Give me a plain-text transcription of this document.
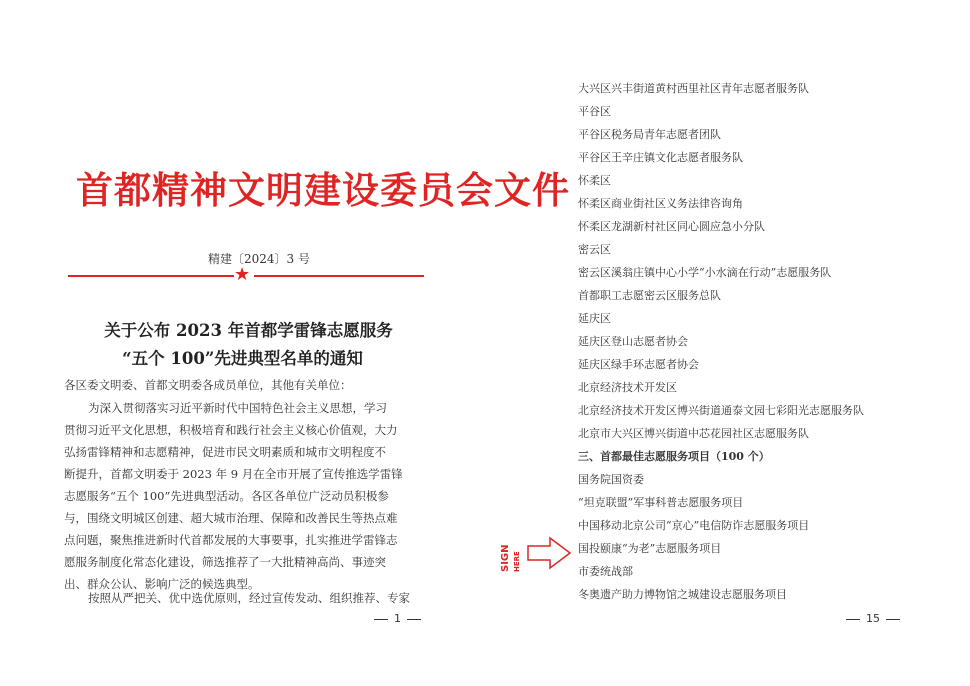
首都精神文明建设委员会文件
精建〔2024〕3 号
★
关于公布 2023 年首都学雷锋志愿服务
“五个 100”先进典型名单的通知
各区委文明委、首都文明委各成员单位，其他有关单位：
为深入贯彻落实习近平新时代中国特色社会主义思想，学习
贯彻习近平文化思想，积极培育和践行社会主义核心价值观，大力
弘扬雷锋精神和志愿精神，促进市民文明素质和城市文明程度不
断提升，首都文明委于 2023 年 9 月在全市开展了宣传推选学雷锋
志愿服务“五个 100”先进典型活动。各区各单位广泛动员积极参
与，围绕文明城区创建、超大城市治理、保障和改善民生等热点难
点问题，聚焦推进新时代首都发展的大事要事，扎实推进学雷锋志
愿服务制度化常态化建设，筛选推荐了一大批精神高尚、事迹突
出、群众公认、影响广泛的候选典型。
按照从严把关、优中选优原则，经过宣传发动、组织推荐、专家
1
大兴区兴丰街道黄村西里社区青年志愿者服务队
平谷区
平谷区税务局青年志愿者团队
平谷区王辛庄镇文化志愿者服务队
怀柔区
怀柔区商业街社区义务法律咨询角
怀柔区龙湖新村社区同心圆应急小分队
密云区
密云区溪翁庄镇中心小学“小水滴在行动”志愿服务队
首都职工志愿密云区服务总队
延庆区
延庆区登山志愿者协会
延庆区绿手环志愿者协会
北京经济技术开发区
北京经济技术开发区博兴街道通泰文园七彩阳光志愿服务队
北京市大兴区博兴街道中芯花园社区志愿服务队
三、首都最佳志愿服务项目（100 个）
国务院国资委
“坦克联盟”军事科普志愿服务项目
中国移动北京公司“京心”电信防诈志愿服务项目
国投颐康“为老”志愿服务项目
市委统战部
冬奥遗产助力博物馆之城建设志愿服务项目
15
SIGN HERE
